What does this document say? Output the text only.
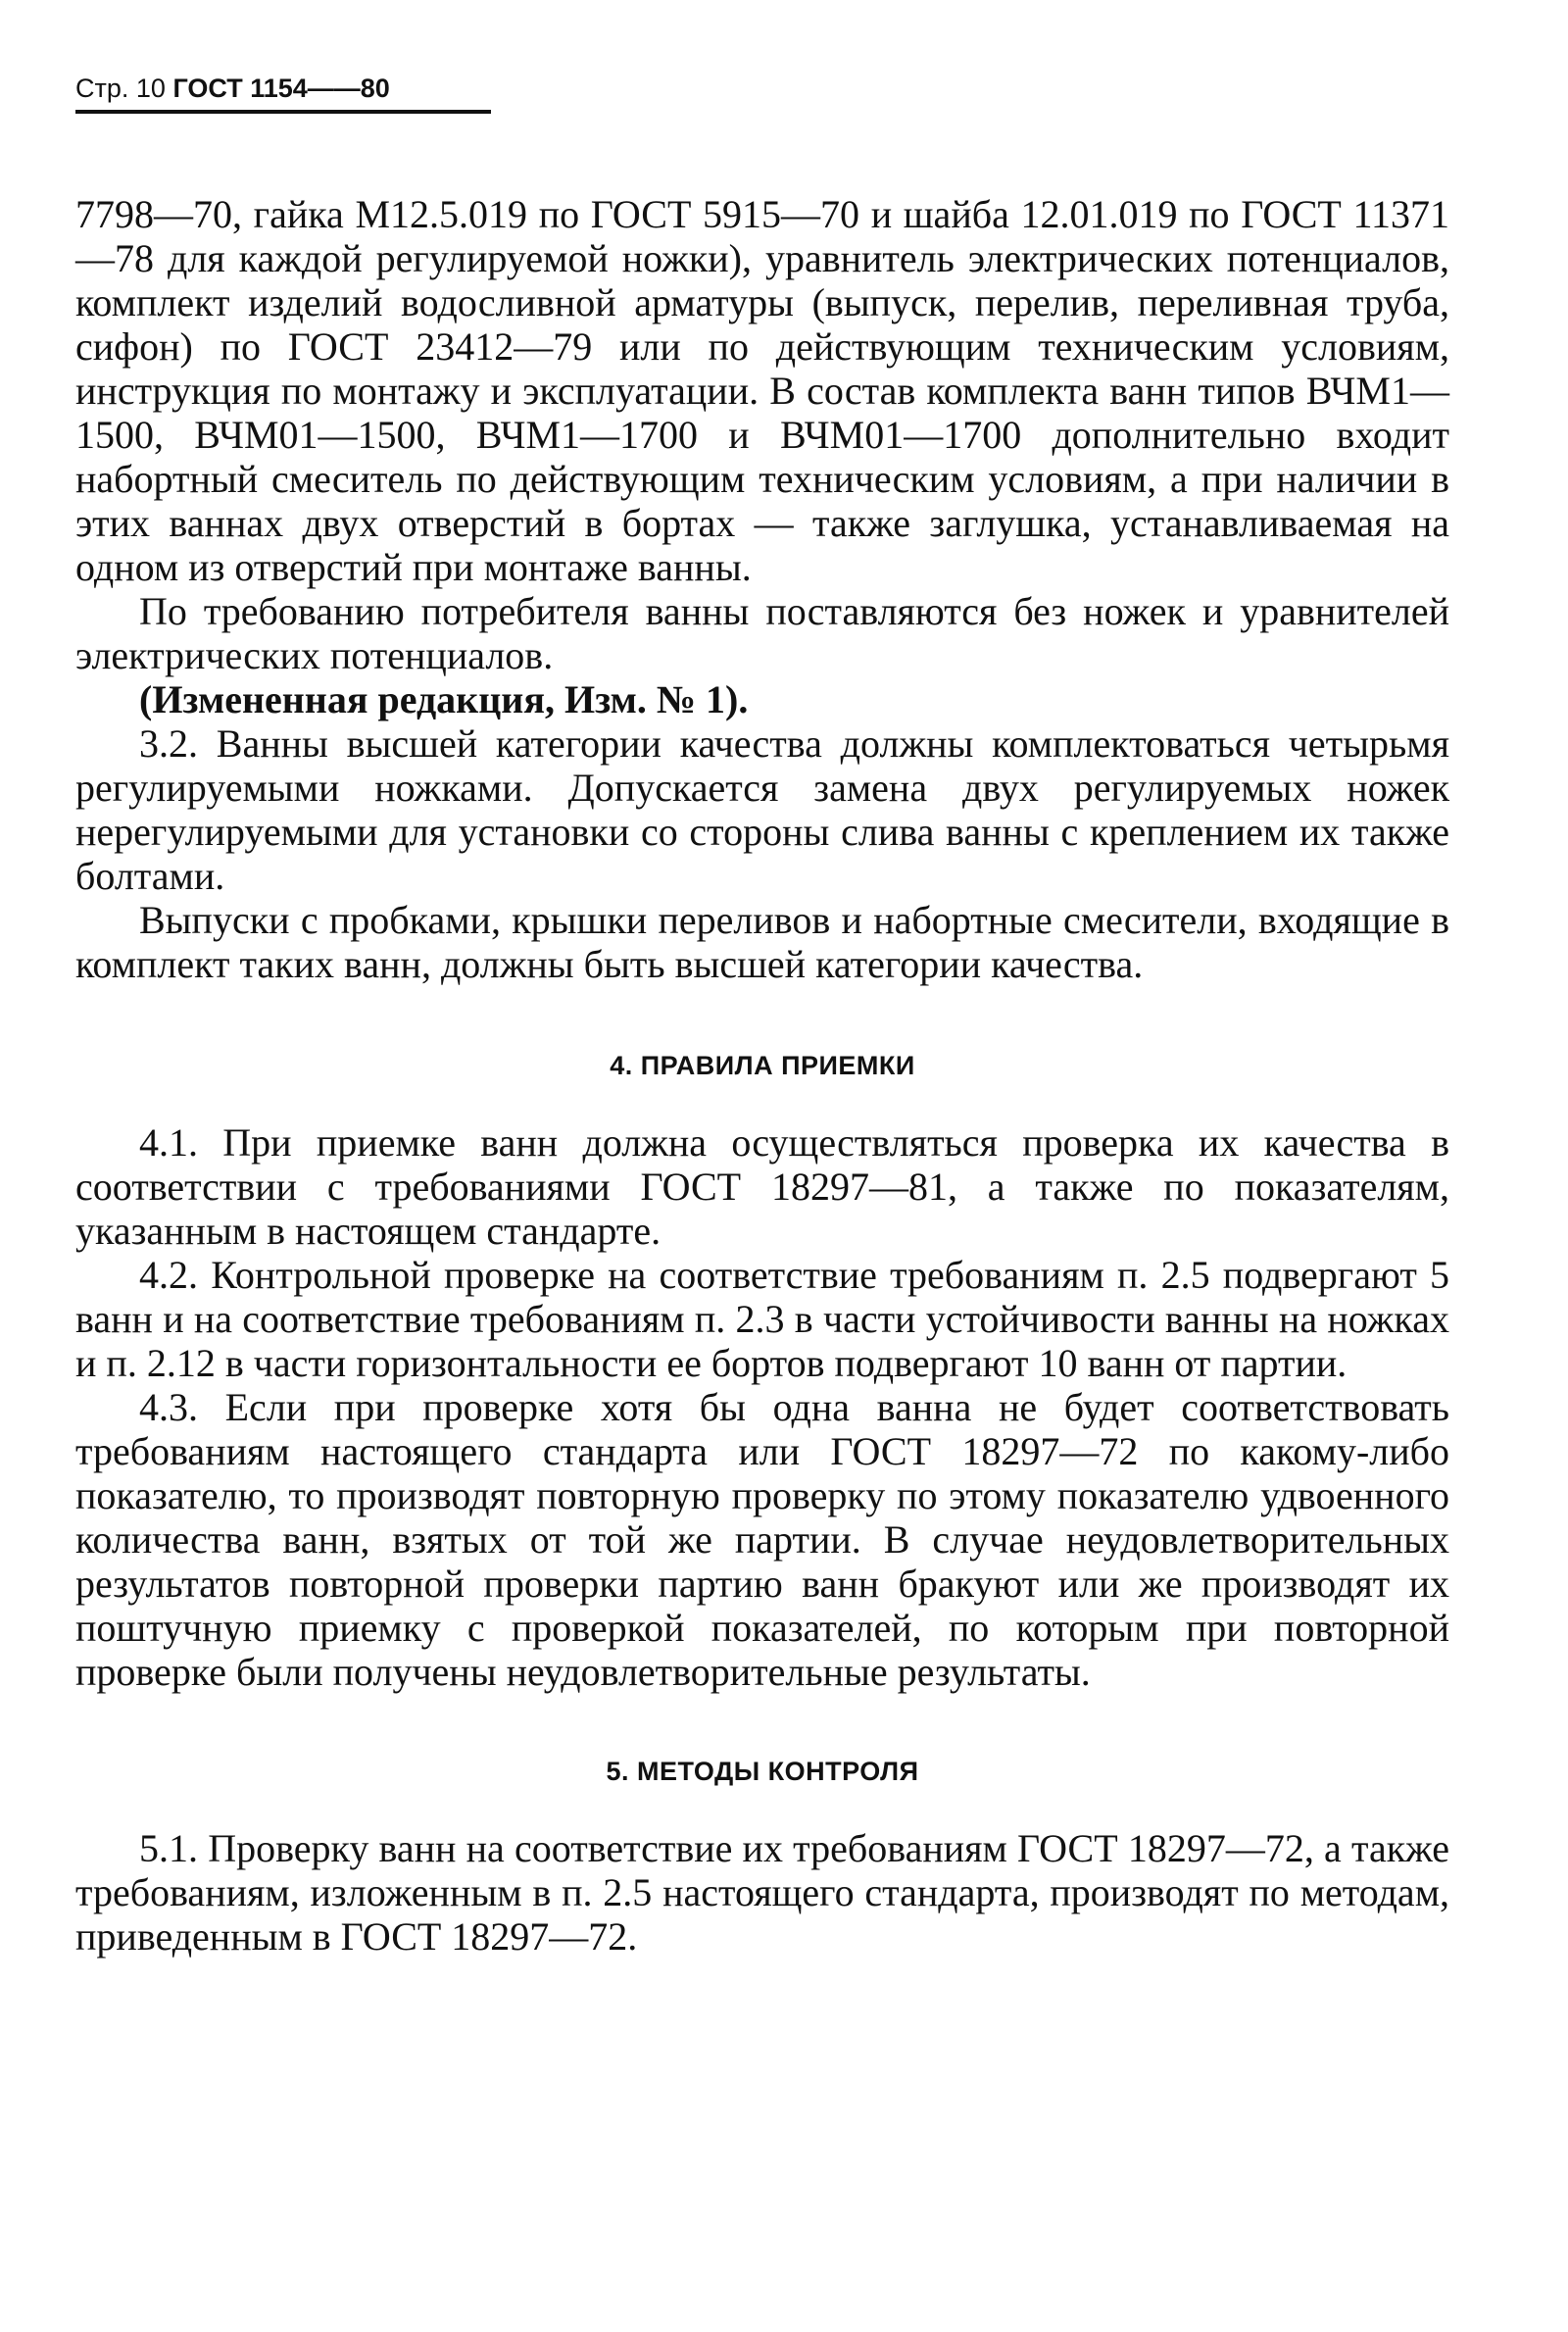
Стр. 10 ГОСТ 1154——80

7798—70, гайка М12.5.019 по ГОСТ 5915—70 и шайба 12.01.019 по ГОСТ 11371—78 для каждой регулируемой ножки), уравнитель электрических потенциалов, комплект изделий водосливной арматуры (выпуск, перелив, переливная труба, сифон) по ГОСТ 23412—79 или по действующим техническим условиям, инструкция по монтажу и эксплуатации. В состав комплекта ванн типов ВЧМ1—1500, ВЧМ01—1500, ВЧМ1—1700 и ВЧМ01—1700 дополнительно входит набортный смеситель по действующим техническим условиям, а при наличии в этих ваннах двух отверстий в бортах — также заглушка, устанавливаемая на одном из отверстий при монтаже ванны.

По требованию потребителя ванны поставляются без ножек и уравнителей электрических потенциалов.

(Измененная редакция, Изм. № 1).

3.2. Ванны высшей категории качества должны комплектоваться четырьмя регулируемыми ножками. Допускается замена двух регулируемых ножек нерегулируемыми для установки со стороны слива ванны с креплением их также болтами.

Выпуски с пробками, крышки переливов и набортные смесители, входящие в комплект таких ванн, должны быть высшей категории качества.

4. ПРАВИЛА ПРИЕМКИ

4.1. При приемке ванн должна осуществляться проверка их качества в соответствии с требованиями ГОСТ 18297—81, а также по показателям, указанным в настоящем стандарте.

4.2. Контрольной проверке на соответствие требованиям п. 2.5 подвергают 5 ванн и на соответствие требованиям п. 2.3 в части устойчивости ванны на ножках и п. 2.12 в части горизонтальности ее бортов подвергают 10 ванн от партии.

4.3. Если при проверке хотя бы одна ванна не будет соответствовать требованиям настоящего стандарта или ГОСТ 18297—72 по какому-либо показателю, то производят повторную проверку по этому показателю удвоенного количества ванн, взятых от той же партии. В случае неудовлетворительных результатов повторной проверки партию ванн бракуют или же производят их поштучную приемку с проверкой показателей, по которым при повторной проверке были получены неудовлетворительные результаты.

5. МЕТОДЫ КОНТРОЛЯ

5.1. Проверку ванн на соответствие их требованиям ГОСТ 18297—72, а также требованиям, изложенным в п. 2.5 настоящего стандарта, производят по методам, приведенным в ГОСТ 18297—72.
